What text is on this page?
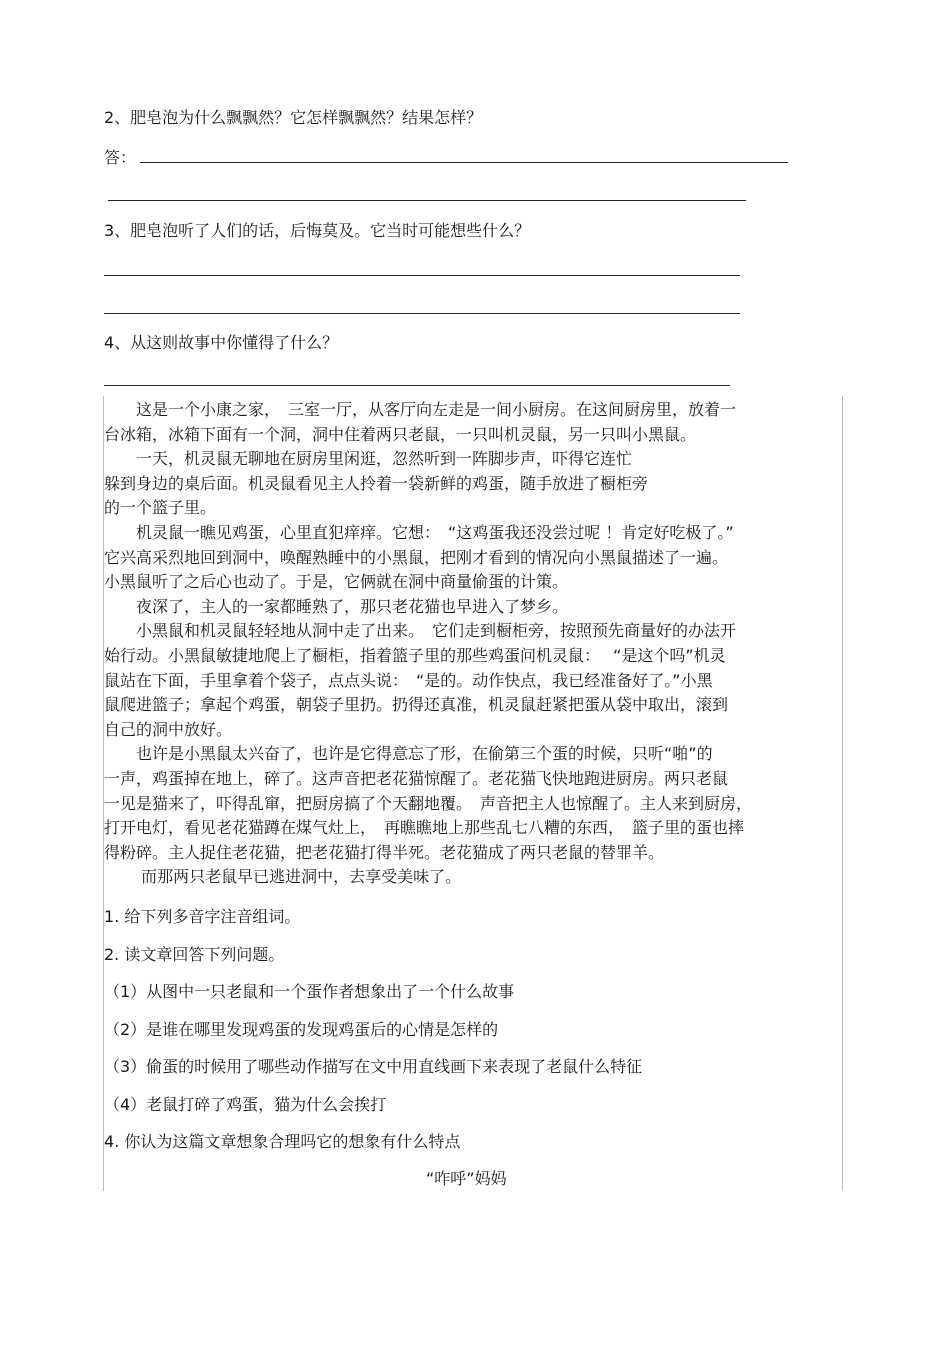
2、肥皂泡为什么飘飘然？它怎样飘飘然？结果怎样？
答：
3、肥皂泡听了人们的话，后悔莫及。它当时可能想些什么？
4、从这则故事中你懂得了什么？
　　这是一个小康之家，　三室一厅，从客厅向左走是一间小厨房。在这间厨房里，放着一
台冰箱，冰箱下面有一个洞，洞中住着两只老鼠，一只叫机灵鼠，另一只叫小黑鼠。
　　一天，机灵鼠无聊地在厨房里闲逛，忽然听到一阵脚步声，吓得它连忙
躲到身边的桌后面。机灵鼠看见主人拎着一袋新鲜的鸡蛋，随手放进了橱柜旁
的一个篮子里。
　　机灵鼠一瞧见鸡蛋，心里直犯痒痒。它想：　“这鸡蛋我还没尝过呢 ！肯定好吃极了。”
它兴高采烈地回到洞中，唤醒熟睡中的小黑鼠，把刚才看到的情况向小黑鼠描述了一遍。
小黑鼠听了之后心也动了。于是，它俩就在洞中商量偷蛋的计策。
　　夜深了，主人的一家都睡熟了，那只老花猫也早进入了梦乡。
　　小黑鼠和机灵鼠轻轻地从洞中走了出来。　它们走到橱柜旁，按照预先商量好的办法开
始行动。小黑鼠敏捷地爬上了橱柜，指着篮子里的那些鸡蛋问机灵鼠：　 “是这个吗”机灵
鼠站在下面，手里拿着个袋子，点点头说：　“是的。动作快点，我已经准备好了。”小黑
鼠爬进篮子；拿起个鸡蛋，朝袋子里扔。扔得还真准，机灵鼠赶紧把蛋从袋中取出，滚到
自己的洞中放好。
　　也许是小黑鼠太兴奋了，也许是它得意忘了形，在偷第三个蛋的时候，只听“啪”的
一声，鸡蛋掉在地上，碎了。这声音把老花猫惊醒了。老花猫飞快地跑进厨房。两只老鼠
一见是猫来了，吓得乱窜，把厨房搞了个天翻地覆。　声音把主人也惊醒了。主人来到厨房，
打开电灯，看见老花猫蹲在煤气灶上，　再瞧瞧地上那些乱七八糟的东西，　篮子里的蛋也摔
得粉碎。主人捉住老花猫，把老花猫打得半死。老花猫成了两只老鼠的替罪羊。
　　 而那两只老鼠早已逃进洞中，去享受美味了。
1. 给下列多音字注音组词。
2. 读文章回答下列问题。
（1）从图中一只老鼠和一个蛋作者想象出了一个什么故事
（2）是谁在哪里发现鸡蛋的发现鸡蛋后的心情是怎样的
（3）偷蛋的时候用了哪些动作描写在文中用直线画下来表现了老鼠什么特征
（4）老鼠打碎了鸡蛋，猫为什么会挨打
4. 你认为这篇文章想象合理吗它的想象有什么特点
“咋呼”妈妈
